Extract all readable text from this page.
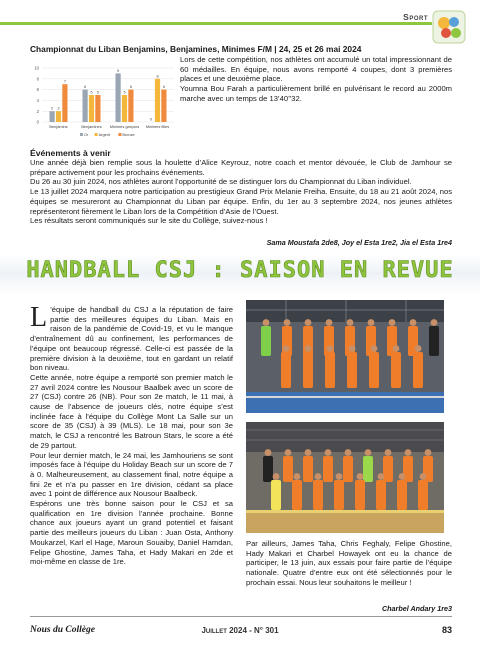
Sport
Championnat du Liban Benjamins, Benjamines, Minimes F/M | 24, 25 et 26 mai 2024

Lors de cette compétition, nos athlètes ont accumulé un total impressionnant de 60 médailles. En équipe, nous avons remporté 4 coupes, dont 3 premières places et une deuxième place.

Youmna Bou Farah a particulièrement brillé en pulvérisant le record au 2000m marche avec un temps de 13’40’’32.

0
2
4
6
8
10
2 2
7
Benjamins
6
5 5
Benjamines
9
5
6
Minimes garçons
0
8
6
Minimes filles
Or	Argent	Bronze
Événements à venir

Une année déjà bien remplie sous la houlette d’Alice Keyrouz, notre coach et mentor dévouée, le Club de Jamhour se prépare activement pour les prochains événements.

Du 26 au 30 juin 2024, nos athlètes auront l’opportunité de se distinguer lors du Championnat du Liban individuel.

Le 13 juillet 2024 marquera notre participation au prestigieux Grand Prix Melanie Freiha. Ensuite, du 18 au 21 août 2024, nos équipes se mesureront au Championnat du Liban par équipe. Enfin, du 1er au 3 septembre 2024, nos jeunes athlètes représenteront fièrement le Liban lors de la Compétition d’Asie de l’Ouest.

Les résultats seront communiqués sur le site du Collège, suivez-nous !

Sama Moustafa 2de8, Joy el Esta 1re2, Jia el Esta 1re4
HANDBALL CSJ : SAISON EN REVUE

L ’équipe de handball du CSJ a la réputation de faire partie des meilleures équipes du Liban. Mais en raison de la pandémie de Covid-19, et vu le manque d’entraînement dû au confinement, les performances de l’équipe ont beaucoup régressé. Celle-ci est passée de la première division à la deuxième, tout en gardant un relatif bon niveau.

Cette année, notre équipe a remporté son premier match le 27 avril 2024 contre les Nousour Baalbek avec un score de 27 (CSJ) contre 26 (NB). Pour son 2e match, le 11 mai, à cause de l’absence de joueurs clés, notre équipe s’est inclinée face à l’équipe du Collège Mont La Salle sur un score de 35 (CSJ) à 39 (MLS). Le 18 mai, pour son 3e match, le CSJ a rencontré les Batroun Stars, le score a été de 29 partout.

Pour leur dernier match, le 24 mai, les Jamhouriens se sont imposés face à l’équipe du Holiday Beach sur un score de 7 à 0. Malheureusement, au classement final, notre équipe a fini 2e et n’a pu passer en 1re division, cédant sa place avec 1 point de différence aux Nousour Baalbeck.

Espérons une très bonne saison pour le CSJ et sa qualification en 1re division l’année prochaine. Bonne chance aux joueurs ayant un grand potentiel et faisant partie des meilleurs joueurs du Liban : Juan Osta, Anthony Moukarzel, Karl el Hage, Maroun Souaiby, Daniel Hamdan, Felipe Ghostine, James Taha, et Hady Makari en 2de et moi-même en classe de 1re.

Par ailleurs, James Taha, Chris Feghaly, Felipe Ghostine, Hady Makari et Charbel Howayek ont eu la chance de participer, le 13 juin, aux essais pour faire partie de l’équipe nationale. Quatre d’entre eux ont été sélectionnés pour le prochain essai. Nous leur souhaitons le meilleur !
Charbel Andary 1re3
Nous du Collège	Juillet 2024 - N° 301	83
